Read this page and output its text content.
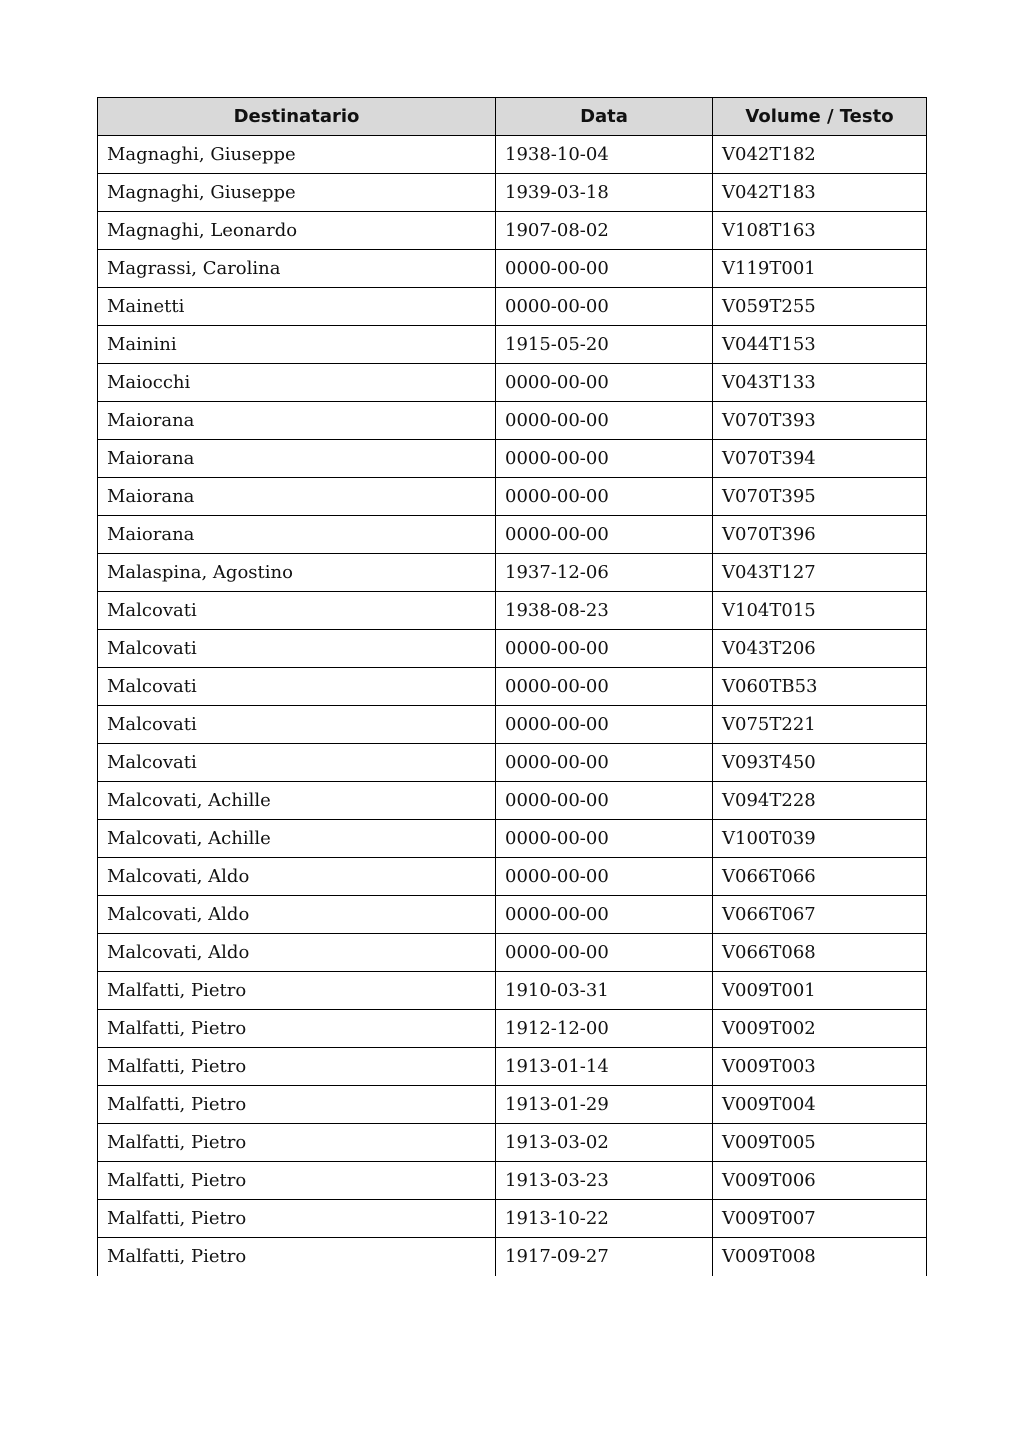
Destinatario	Data	Volume / Testo
Magnaghi, Giuseppe	1938-10-04	V042T182
Magnaghi, Giuseppe	1939-03-18	V042T183
Magnaghi, Leonardo	1907-08-02	V108T163
Magrassi, Carolina	0000-00-00	V119T001
Mainetti	0000-00-00	V059T255
Mainini	1915-05-20	V044T153
Maiocchi	0000-00-00	V043T133
Maiorana	0000-00-00	V070T393
Maiorana	0000-00-00	V070T394
Maiorana	0000-00-00	V070T395
Maiorana	0000-00-00	V070T396
Malaspina, Agostino	1937-12-06	V043T127
Malcovati	1938-08-23	V104T015
Malcovati	0000-00-00	V043T206
Malcovati	0000-00-00	V060TB53
Malcovati	0000-00-00	V075T221
Malcovati	0000-00-00	V093T450
Malcovati, Achille	0000-00-00	V094T228
Malcovati, Achille	0000-00-00	V100T039
Malcovati, Aldo	0000-00-00	V066T066
Malcovati, Aldo	0000-00-00	V066T067
Malcovati, Aldo	0000-00-00	V066T068
Malfatti, Pietro	1910-03-31	V009T001
Malfatti, Pietro	1912-12-00	V009T002
Malfatti, Pietro	1913-01-14	V009T003
Malfatti, Pietro	1913-01-29	V009T004
Malfatti, Pietro	1913-03-02	V009T005
Malfatti, Pietro	1913-03-23	V009T006
Malfatti, Pietro	1913-10-22	V009T007
Malfatti, Pietro	1917-09-27	V009T008
